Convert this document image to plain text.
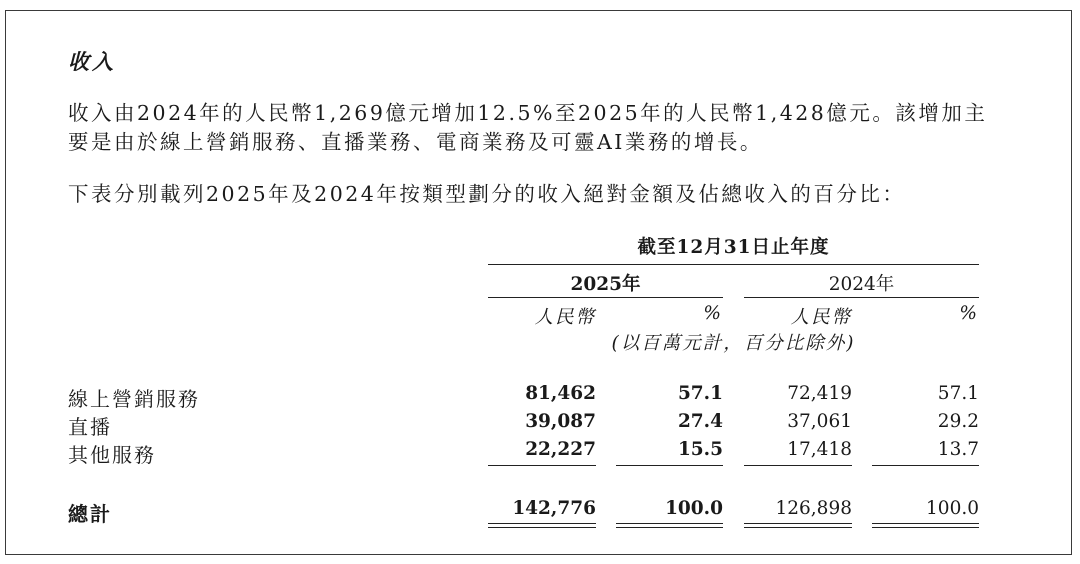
收入
收入由2024年的人民幣1,269億元增加12.5%至2025年的人民幣1,428億元。該增加主
要是由於線上營銷服務、直播業務、電商業務及可靈AI業務的增長。
下表分別載列2025年及2024年按類型劃分的收入絕對金額及佔總收入的百分比：
截至12月31日止年度
2025年	2024年
人民幣	%	人民幣	%
(以百萬元計，百分比除外)
線上營銷服務	81,462	57.1	72,419	57.1
直播	39,087	27.4	37,061	29.2
其他服務	22,227	15.5	17,418	13.7
總計	142,776	100.0	126,898	100.0
